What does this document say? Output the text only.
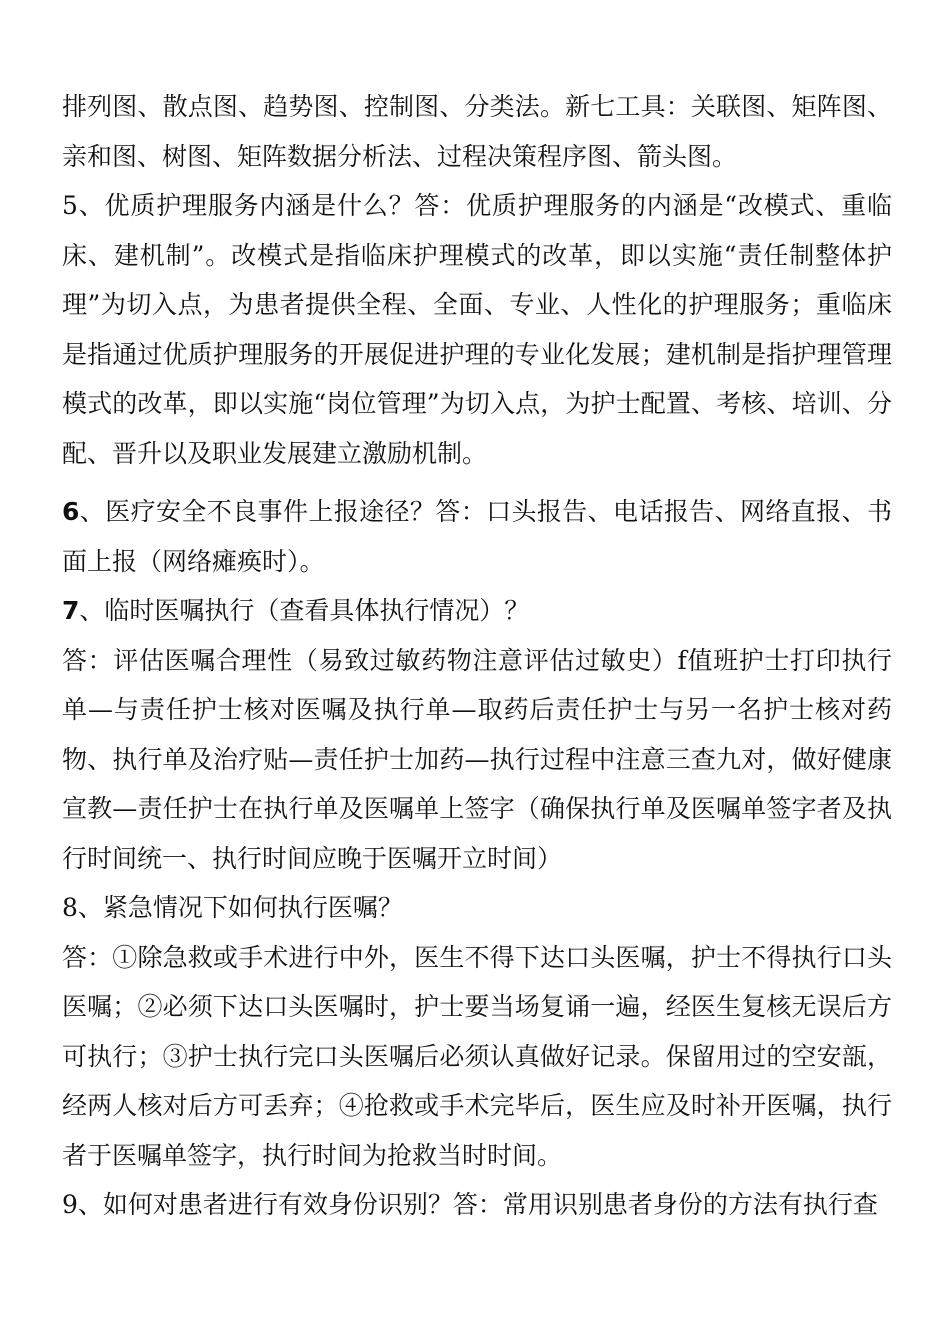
排列图、散点图、趋势图、控制图、分类法。新七工具：关联图、矩阵图、亲和图、树图、矩阵数据分析法、过程决策程序图、箭头图。

5、优质护理服务内涵是什么？答：优质护理服务的内涵是“改模式、重临床、建机制”。改模式是指临床护理模式的改革，即以实施“责任制整体护理”为切入点，为患者提供全程、全面、专业、人性化的护理服务；重临床是指通过优质护理服务的开展促进护理的专业化发展；建机制是指护理管理模式的改革，即以实施“岗位管理”为切入点，为护士配置、考核、培训、分配、晋升以及职业发展建立激励机制。

6、医疗安全不良事件上报途径？答：口头报告、电话报告、网络直报、书面上报（网络瘫痪时）。

7、临时医嘱执行（查看具体执行情况）？

答：评估医嘱合理性（易致过敏药物注意评估过敏史）f值班护士打印执行单—与责任护士核对医嘱及执行单—取药后责任护士与另一名护士核对药物、执行单及治疗贴—责任护士加药—执行过程中注意三查九对，做好健康宣教—责任护士在执行单及医嘱单上签字（确保执行单及医嘱单签字者及执行时间统一、执行时间应晚于医嘱开立时间）

8、紧急情况下如何执行医嘱？

答：①除急救或手术进行中外，医生不得下达口头医嘱，护士不得执行口头医嘱；②必须下达口头医嘱时，护士要当场复诵一遍，经医生复核无误后方可执行；③护士执行完口头医嘱后必须认真做好记录。保留用过的空安瓿，经两人核对后方可丢弃；④抢救或手术完毕后，医生应及时补开医嘱，执行者于医嘱单签字，执行时间为抢救当时时间。

9、如何对患者进行有效身份识别？答：常用识别患者身份的方法有执行查
